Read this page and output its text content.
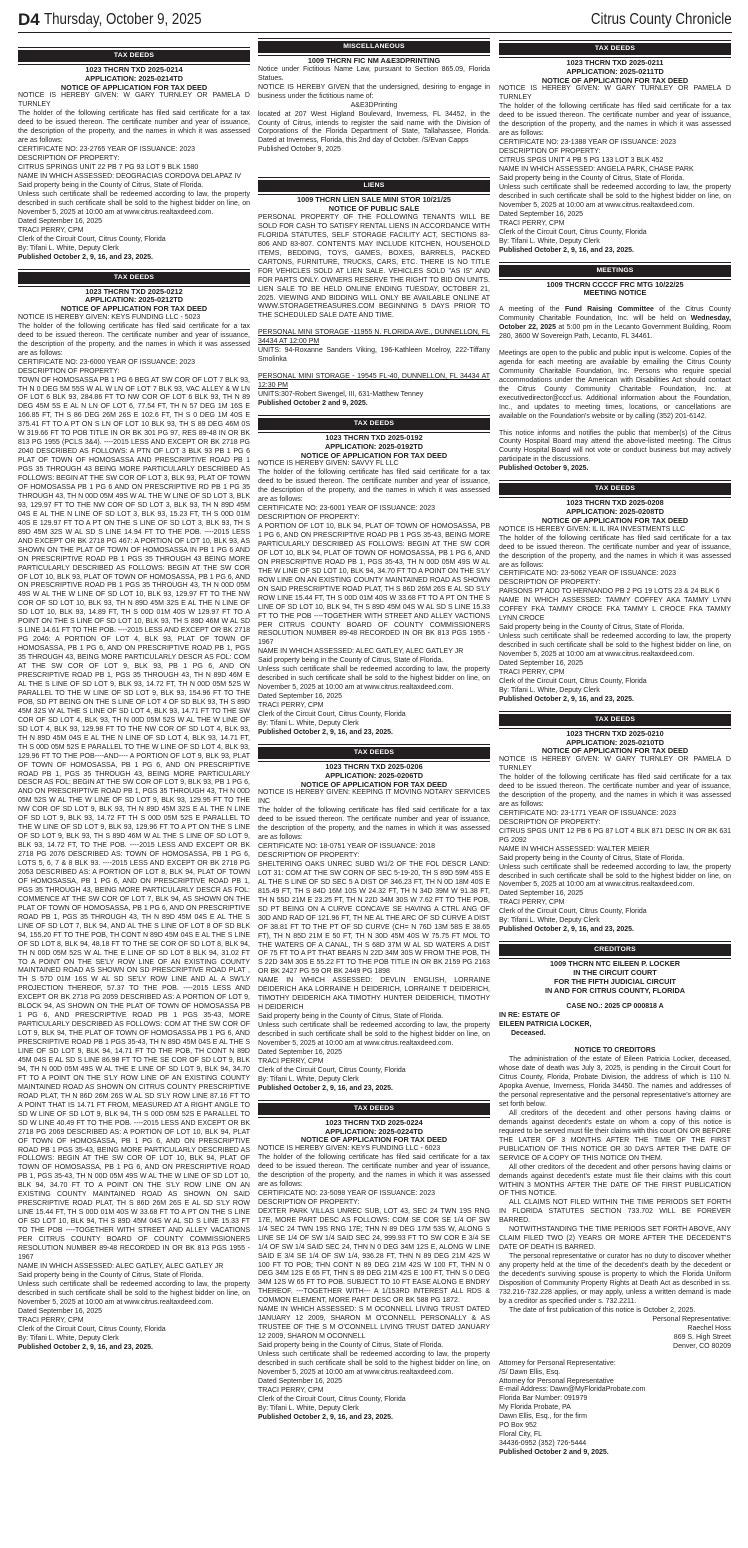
D4 Thursday, October 9, 2025	Citrus County Chronicle
TAX DEEDS
1023 THCRN TXD 2025-0214
APPLICATION: 2025-0214TD
NOTICE OF APPLICATION FOR TAX DEED
NOTICE IS HEREBY GIVEN: W GARY TURNLEY OR PAMELA D TURNLEY
The holder of the following certificate has filed said certificate for a tax deed to be issued thereon. The certificate number and year of issuance, the description of the property, and the names in which it was assessed are as follows:
CERTIFICATE NO: 23-2765 YEAR OF ISSUANCE: 2023
DESCRIPTION OF PROPERTY:
CITRUS SPRINGS UNIT 22 PB 7 PG 93 LOT 9 BLK 1580
NAME IN WHICH ASSESSED: DEOGRACIAS CORDOVA DELAPAZ IV
Said property being in the County of Citrus, State of Florida.
Unless such certificate shall be redeemed according to law, the property described in such certificate shall be sold to the highest bidder on line, on November 5, 2025 at 10:00 am at www.citrus.realtaxdeed.com.
Dated September 16, 2025
TRACI PERRY, CPM
Clerk of the Circuit Court, Citrus County, Florida
By: Tifani L. White, Deputy Clerk
Published October 2, 9, 16, and 23, 2025.
TAX DEEDS
1023 THCRN TXD 2025-0212
APPLICATION: 2025-0212TD
NOTICE OF APPLICATION FOR TAX DEED
NOTICE IS HEREBY GIVEN: KEYS FUNDING LLC - 5023
The holder of the following certificate has filed said certificate for a tax deed to be issued thereon. The certificate number and year of issuance, the description of the property, and the names in which it was assessed are as follows:
CERTIFICATE NO: 23-6000 YEAR OF ISSUANCE: 2023
DESCRIPTION OF PROPERTY:
TOWN OF HOMOSASSA PB 1 PG 6 BEG AT SW COR OF LOT 7 BLK 93, TH N 0 DEG 5M 55S W AL W LN OF LOT 7 BLK 93, VAC ALLEY & W LN OF LOT 6 BLK 93, 284.86 FT TO NW COR OF LOT 6 BLK 93, TH N 89 DEG 45M 5S E AL N LN OF LOT 6, 77.54 FT, TH N 57 DEG 1M 16S E 166.85 FT, TH S 86 DEG 26M 26S E 102.6 FT, TH S 0 DEG 1M 40S E 375.41 FT TO A PT ON S LN OF LOT 10 BLK 93, TH S 89 DEG 46M 0S W 319.66 FT TO POB TITLE IN OR BK 301 PG 97, RES 89-48 IN OR BK 813 PG 1955 (PCLS 3&4). ----2015 LESS AND EXCEPT OR BK 2718 PG 2040 DESCRIBED AS FOLLOWS: A PTN OF LOT 3 BLK 93 PB 1 PG 6 PLAT OF TOWN OF HOMOSASSA AND PRESCRIPTIVE ROAD PB 1 PGS 35 THROUGH 43 BEING MORE PARTICULARLY DESCRIBED AS FOLLOWS: BEGIN AT THE SW COR OF LOT 3, BLK 93, PLAT OF TOWN OF HOMOSASSA PB 1 PG 6 AND ON PRESCRIPTIVE RD PB 1 PG 35 THROUGH 43, TH N 00D 05M 49S W AL THE W LINE OF SD LOT 3, BLK 93, 129.97 FT TO THE NW COR OF SD LOT 3, BLK 93, TH N 89D 45M 04S E AL THE N LINE OF SD LOT 3, BLK 93, 15.23 FT, TH S 00D 01M 40S E 129.97 FT TO A PT ON THE S LINE OF SD LOT 3, BLK 93, TH S 89D 45M 32S W AL SD S LINE 14.94 FT TO THE POB. ----2015 LESS AND EXCEPT OR BK 2718 PG 467: A PORTION OF LOT 10, BLK 93, AS SHOWN ON THE PLAT OF TOWN OF HOMOSASSA IN PB 1 PG 6 AND ON PRESCRIPTIVE ROAD PB 1 PGS 35 THROUGH 43 BEING MORE PARTICULARLY DESCRIBED AS FOLLOWS: BEGIN AT THE SW COR OF LOT 10, BLK 93, PLAT OF TOWN OF HOMOSASSA, PB 1 PG 6, AND ON PRESCRIPTIVE ROAD PB 1 PGS 35 THROUGH 43, TH N 00D 05M 49S W AL THE W LINE OF SD LOT 10, BLK 93, 129.97 FT TO THE NW COR OF SD LOT 10, BLK 93, TH N 89D 45M 32S E AL THE N LINE OF SD LOT 10, BLK 93, 14.89 FT, TH S 00D 01M 40S W 129.97 FT TO A POINT ON THE S LINE OF SD LOT 10, BLK 93, TH S 89D 46M W AL SD S LINE 14.61 FT TO THE POB. ----2015 LESS AND EXCEPT OR BK 2718 PG 2046: A PORTION OF LOT 4, BLK 93, PLAT OF TOWN OF HOMOSASSA, PB 1 PG 6, AND ON PRESCRIPTIVE ROAD PB 1, PGS 35 THROUGH 43, BEING MORE PARTICULARLY DESCR AS FOL: COM AT THE SW COR OF LOT 9, BLK 93, PB 1 PG 6, AND ON PRESCRIPTIVE ROAD PB 1, PGS 35 THROUGH 43, TH N 89D 46M E AL THE S LINE OF SD LOT 9, BLK 93, 14.72 FT, TH N 00D 05M 52S W PARALLEL TO THE W LINE OF SD LOT 9, BLK 93, 154.96 FT TO THE POB, SD PT BEING ON THE S LINE OF LOT 4 OF SD BLK 93, TH S 89D 45M 32S W AL THE S LINE OF SD LOT 4, BLK 93, 14.71 FT TO THE SW COR OF SD LOT 4, BLK 93, TH N 00D 05M 52S W AL THE W LINE OF SD LOT 4, BLK 93, 129.98 FT TO THE NW COR OF SD LOT 4, BLK 93, TH N 89D 45M 04S E AL THE N LINE OF SD LOT 4, BLK 93, 14.71 FT, TH S 00D 05M 52S E PARALLEL TO THE W LINE OF SD LOT 4, BLK 93, 129.96 FT TO THE POB----AND---- A PORTION OF LOT 9, BLK 93, PLAT OF TOWN OF HOMOSASSA, PB 1 PG 6, AND ON PRESCRIPTIVE ROAD PB 1, PGS 35 THROUGH 43, BEING MORE PARTICULARLY DESCR AS FOL: BEGIN AT THE SW COR OF LOT 9, BLK 93, PB 1 PG 6, AND ON PRESCRIPTIVE ROAD PB 1, PGS 35 THROUGH 43, TH N 00D 05M 52S W AL THE W LINE OF SD LOT 9, BLK 93, 129.95 FT TO THE NW COR OF SD LOT 9, BLK 93, TH N 89D 45M 32S E AL THE N LINE OF SD LOT 9, BLK 93, 14.72 FT TH S 00D 05M 52S E PARALLEL TO THE W LINE OF SD LOT 9, BLK 93, 129.96 FT TO A PT ON THE S LINE OF SD LOT 9, BLK 93, TH S 89D 46M W AL THE S LINE OF SD LOT 9, BLK 93, 14.72 FT, TO THE POB. ----2015 LESS AND EXCEPT OR BK 2718 PG 2076 DESCRIBED AS: TOWN OF HOMOSASSA, PB 1 PG 6, LOTS 5, 6, 7 & 8 BLK 93. ----2015 LESS AND EXCEPT OR BK 2718 PG 2053 DESCRIBED AS: A PORTION OF LOT 8, BLK 94, PLAT OF TOWN OF HOMOSASSA, PB 1 PG 6, AND ON PRESCRIPTIVE ROAD PB 1, PGS 35 THROUGH 43, BEING MORE PARTICULARLY DESCR AS FOL: COMMENCE AT THE SW COR OF LOT 7, BLK 94, AS SHOWN ON THE PLAT OF TOWN OF HOMOSASSA, PB 1 PG 6, AND ON PRESCRIPTIVE ROAD PB 1, PGS 35 THROUGH 43, TH N 89D 45M 04S E AL THE S LINE OF SD LOT 7, BLK 94, AND AL THE S LINE OF LOT 8 OF SD BLK 94, 155.20 FT TO THE POB, TH CONT N 89D 45M 04S E AL THE S LINE OF SD LOT 8, BLK 94, 48.18 FT TO THE SE COR OF SD LOT 8, BLK 94, TH N 00D 05M 52S W AL THE E LINE OF SD LOT 8 BLK 94, 31.02 FT TO A POINT ON THE SE'LY ROW LINE OF AN EXISTING COUNTY MAINTAINED ROAD AS SHOWN ON SD PRESCRIPTIVE ROAD PLAT , TH S 57D 01M 16S W AL SD SE'LY ROW LINE AND AL A SW'LY PROJECTION THEREOF, 57.37 TO THE POB. ----2015 LESS AND EXCEPT OR BK 2718 PG 2059 DESCRIBED AS: A PORTION OF LOT 9, BLOCK 94, AS SHOWN ON THE PLAT OF TOWN OF HOMOSASSA PB 1 PG 6, AND PRESCRIPTIVE ROAD PB 1 PGS 35-43, MORE PARTICULARLY DESCRIBED AS FOLLOWS: COM AT THE SW COR OF LOT 9, BLK 94, THE PLAT OF TOWN OF HOMOSASSA PB 1 PG 6, AND PRESCRIPTIVE ROAD PB 1 PGS 35-43, TH N 89D 45M 04S E AL THE S LINE OF SD LOT 9, BLK 94, 14.71 FT TO THE POB, TH CONT N 89D 45M 04S E AL SD S LINE 86.98 FT TO THE SE COR OF SD LOT 9, BLK 94, TH N 00D 05M 49S W AL THE E LINE OF SD LOT 9, BLK 94, 34.70 FT TO A POINT ON THE S'LY ROW LINE OF AN EXISTING COUNTY MAINTAINED ROAD AS SHOWN ON CITRUS COUNTY PRESCRIPTIVE ROAD PLAT, TH N 86D 26M 26S W AL SD S'LY ROW LINE 87.16 FT TO A POINT THAT IS 14.71 FT FROM, MEASURED AT A RIGHT ANGLE TO SD W LINE OF SD LOT 9, BLK 94, TH S 00D 05M 52S E PARALLEL TO SD W LINE 40.49 FT TO THE POB. ----2015 LESS AND EXCEPT OR BK 2718 PG 2069 DESCRIBED AS: A PORTION OF LOT 10, BLK 94, PLAT OF TOWN OF HOMOSASSA, PB 1 PG 6, AND ON PRESCRIPTIVE ROAD PB 1 PGS 35-43, BEING MORE PARTICULARLY DESCRIBED AS FOLLOWS: BEGIN AT THE SW COR OF LOT 10, BLK 94, PLAT OF TOWN OF HOMOSASSA, PB 1 PG 6, AND ON PRESCRIPTIVE ROAD PB 1, PGS 35-43, TH N 00D 05M 49S W AL THE W LINE OF SD LOT 10, BLK 94, 34.70 FT TO A POINT ON THE S'LY ROW LINE ON AN EXISTING COUNTY MAINTAINED ROAD AS SHOWN ON SAID PRESCRIPTIVE ROAD PLAT, TH S 86D 26M 26S E AL SD S'LY ROW LINE 15.44 FT, TH S 00D 01M 40S W 33.68 FT TO A PT ON THE S LINE OF SD LOT 10, BLK 94, TH S 89D 45M 04S W AL SD S LINE 15.33 FT TO THE POB ----TOGETHER WITH STREET AND ALLEY VACATIONS PER CITRUS COUNTY BOARD OF COUNTY COMMISSIONERS RESOLUTION NUMBER 89-48 RECORDED IN OR BK 813 PGS 1955 - 1967
NAME IN WHICH ASSESSED: ALEC GATLEY, ALEC GATLEY JR
Said property being in the County of Citrus, State of Florida.
Unless such certificate shall be redeemed according to law, the property described in such certificate shall be sold to the highest bidder on line, on November 5, 2025 at 10:00 am at www.citrus.realtaxdeed.com.
Dated September 16, 2025
TRACI PERRY, CPM
Clerk of the Circuit Court, Citrus County, Florida
By: Tifani L. White, Deputy Clerk
Published October 2, 9, 16, and 23, 2025.
MISCELLANEOUS
1009 THCRN FIC NM A&E3DPRINTING
Notice under Fictitious Name Law, pursuant to Section 865.09, Florida Statues.
NOTICE IS HEREBY GIVEN that the undersigned, desiring to engage in business under the fictitious name of:
A&E3DPrinting
located at 207 West Higland Boulevard, Inverness, FL 34452, in the County of Citrus, intends to register the said name with the Division of Corporations of the Florida Department of State, Tallahassee, Florida. Dated at Inverness, Florida, this 2nd day of October. /S/Evan Capps
Published October 9, 2025
LIENS
1009 THCRN LIEN SALE MINI STOR 10/21/25
NOTICE OF PUBLIC SALE
PERSONAL PROPERTY OF THE FOLLOWING TENANTS WILL BE SOLD FOR CASH TO SATISFY RENTAL LIENS IN ACCORDANCE WITH FLORIDA STATUTES, SELF STORAGE FACILITY ACT, SECTIONS 83-806 AND 83-807. CONTENTS MAY INCLUDE KITCHEN, HOUSEHOLD ITEMS, BEDDING, TOYS, GAMES, BOXES, BARRELS, PACKED CARTONS, FURNITURE, TRUCKS, CARS, ETC. THERE IS NO TITLE FOR VEHICLES SOLD AT LIEN SALE. VEHICLES SOLD "AS IS" AND FOR PARTS ONLY. OWNERS RESERVE THE RIGHT TO BID ON UNITS. LIEN SALE TO BE HELD ONLINE ENDING TUESDAY, OCTOBER 21, 2025. VIEWING AND BIDDING WILL ONLY BE AVAILABLE ONLINE AT WWW.STORAGETREASURES.COM BEGINNING 5 DAYS PRIOR TO THE SCHEDULED SALE DATE AND TIME.
PERSONAL MINI STORAGE -11955 N. FLORIDA AVE., DUNNELLON, FL 34434 AT 12:00 PM
UNITS: 94-Roxanne Sanders Viking, 196-Kathleen Mcelroy, 222-Tiffany Smolinka
PERSONAL MINI STORAGE - 19545 FL-40, DUNNELLON, FL 34434 AT 12:30 PM
UNITS:307-Robert Swengel, III, 631-Matthew Tenney
Published October 2 and 9, 2025.
TAX DEEDS
1023 THCRN TXD 2025-0192
APPLICATION: 2025-0192TD
NOTICE OF APPLICATION FOR TAX DEED
NOTICE IS HEREBY GIVEN: SAVVY FL LLC
The holder of the following certificate has filed said certificate for a tax deed to be issued thereon. The certificate number and year of issuance, the description of the property, and the names in which it was assessed are as follows:
CERTIFICATE NO: 23-6001 YEAR OF ISSUANCE: 2023
DESCRIPTION OF PROPERTY:
A PORTION OF LOT 10, BLK 94, PLAT OF TOWN OF HOMOSASSA, PB 1 PG 6, AND ON PRESCRIPTIVE ROAD PB 1 PGS 35-43, BEING MORE PARTICULARLY DESCRIBED AS FOLLOWS: BEGIN AT THE SW COR OF LOT 10, BLK 94, PLAT OF TOWN OF HOMOSASSA, PB 1 PG 6, AND ON PRESCRIPTIVE ROAD PB 1, PGS 35-43, TH N 00D 05M 49S W AL THE W LINE OF SD LOT 10, BLK 94, 34.70 FT TO A POINT ON THE S'LY ROW LINE ON AN EXISTING COUNTY MAINTAINED ROAD AS SHOWN ON SAID PRESCRIPTIVE ROAD PLAT, TH S 86D 26M 26S E AL SD S'LY ROW LINE 15.44 FT, TH S 00D 01M 40S W 33.68 FT TO A PT ON THE S LINE OF SD LOT 10, BLK 94, TH S 89D 45M 04S W AL SD S LINE 15.33 FT TO THE POB ----TOGETHER WITH STREET AND ALLEY VACTIONS PER CITRUS COUNTY BOARD OF COUNTY COMMISSIONERS RESOLUTION NUMBER 89-48 RECORDED IN OR BK 813 PGS 1955 - 1967
NAME IN WHICH ASSESSED: ALEC GATLEY, ALEC GATLEY JR
Said property being in the County of Citrus, State of Florida.
Unless such certificate shall be redeemed according to law, the property described in such certificate shall be sold to the highest bidder on line, on November 5, 2025 at 10:00 am at www.citrus.realtaxdeed.com.
Dated September 16, 2025
TRACI PERRY, CPM
Clerk of the Circuit Court, Citrus County, Florida
By: Tifani L. White, Deputy Clerk
Published October 2, 9, 16, and 23, 2025.
TAX DEEDS
1023 THCRN TXD 2025-0206
APPLICATION: 2025-0206TD
NOTICE OF APPLICATION FOR TAX DEED
NOTICE IS HEREBY GIVEN: KEEPING IT MOVING NOTARY SERVICES INC
The holder of the following certificate has filed said certificate for a tax deed to be issued thereon. The certificate number and year of issuance, the description of the property, and the names in which it was assessed are as follows:
CERTIFICATE NO: 18-0751 YEAR OF ISSUANCE: 2018
DESCRIPTION OF PROPERTY:
SHELTERING OAKS UNREC SUBD W1/2 OF THE FOL DESCR LAND: LOT 31: COM AT THE SW CORN OF SEC 5-19-20, TH S 89D 59M 45S E AL THE S LINE OF SD SEC 5 A DIST OF 346.23 FT, TH N 0D 18M 40S E 815.49 FT, TH S 84D 16M 10S W 24.32 FT, TH N 34D 39M W 91.38 FT, TH N 55D 21M E 23.25 FT, TH N 22D 34M 30S W 7.62 FT TO THE POB, SD PT BEING ON A CURVE CONCAVE SE HAVING A CTRL ANG OF 30D AND RAD OF 121.96 FT, TH NE AL THE ARC OF SD CURVE A DIST OF 38.81 FT TO THE PT OF SD CURVE (CH= N 76D 13M 58S E 38.65 FT), TH N 85D 21M E 50 FT, TH N 30D 45M 40S W 75.75 FT MOL TO THE WATERS OF A CANAL, TH S 68D 37M W AL SD WATERS A DIST OF 75 FT TO A PT THAT BEARS N 22D 34M 30S W FROM THE POB, TH S 22D 34M 30S E 55.22 FT TO THE POB TITLE IN OR BK 2159 PG 2163 OR BK 2427 PG 59 OR BK 2449 PG 1898
NAME IN WHICH ASSESSED: DEVLIN ENGLISH, LORRAINE DEIDERICH AKA LORRAINE H DEIDERICH, LORRAINE T DEIDERICH, TIMOTHY DEIDERICH AKA TIMOTHY HUNTER DEIDERICH, TIMOTHY H DEIDERICH
Said property being in the County of Citrus, State of Florida.
Unless such certificate shall be redeemed according to law, the property described in such certificate shall be sold to the highest bidder on line, on November 5, 2025 at 10:00 am at www.citrus.realtaxdeed.com.
Dated September 16, 2025
TRACI PERRY, CPM
Clerk of the Circuit Court, Citrus County, Florida
By: Tifani L. White, Deputy Clerk
Published October 2, 9, 16, and 23, 2025.
TAX DEEDS
1023 THCRN TXD 2025-0224
APPLICATION: 2025-0224TD
NOTICE OF APPLICATION FOR TAX DEED
NOTICE IS HEREBY GIVEN: KEYS FUNDING LLC - 6023
The holder of the following certificate has filed said certificate for a tax deed to be issued thereon. The certificate number and year of issuance, the description of the property, and the names in which it was assessed are as follows:
CERTIFICATE NO: 23-5098 YEAR OF ISSUANCE: 2023
DESCRIPTION OF PROPERTY:
DEXTER PARK VILLAS UNREC SUB, LOT 43, SEC 24 TWN 19S RNG 17E, MORE PART DESC AS FOLLOWS: COM SE COR SE 1/4 OF SW 1/4 SEC 24 TWN 19S RNG 17E; THN N 89 DEG 17M 53S W, ALONG S LINE SE 1/4 OF SW 1/4 SAID SEC 24, 999.93 FT TO SW COR E 3/4 SE 1/4 OF SW 1/4 SAID SEC 24, THN N 0 DEG 34M 12S E, ALONG W LINE SAID E 3/4 SE 1/4 OF SW 1/4, 936.28 FT, THN N 89 DEG 21M 42S W 100 FT TO POB; THN CONT N 89 DEG 21M 42S W 100 FT, THN N 0 DEG 34M 12S E 65 FT, THN S 89 DEG 21M 42S E 100 FT, THN S 0 DEG 34M 12S W 65 FT TO POB. SUBJECT TO 10 FT EASE ALONG E BNDRY THEREOF. ---TOGETHER WITH--- A 1/153RD INTEREST ALL RDS & COMMON ELEMENT, MORE PART DESC OR BK 588 PG 1872.
NAME IN WHICH ASSESSED: S M OCONNELL LIVING TRUST DATED JANUARY 12 2009, SHARON M O'CONNELL PERSONALLY & AS TRUSTEE OF THE S M O'CONNELL LIVING TRUST DATED JANUARY 12 2009, SHARON M OCONNELL
Said property being in the County of Citrus, State of Florida.
Unless such certificate shall be redeemed according to law, the property described in such certificate shall be sold to the highest bidder on line, on November 5, 2025 at 10:00 am at www.citrus.realtaxdeed.com.
Dated September 16, 2025
TRACI PERRY, CPM
Clerk of the Circuit Court, Citrus County, Florida
By: Tifani L. White, Deputy Clerk
Published October 2, 9, 16, and 23, 2025.
TAX DEEDS
1023 THCRN TXD 2025-0211
APPLICATION: 2025-0211TD
NOTICE OF APPLICATION FOR TAX DEED
NOTICE IS HEREBY GIVEN: W GARY TURNLEY OR PAMELA D TURNLEY
The holder of the following certificate has filed said certificate for a tax deed to be issued thereon. The certificate number and year of issuance, the description of the property, and the names in which it was assessed are as follows:
CERTIFICATE NO: 23-1388 YEAR OF ISSUANCE: 2023
DESCRIPTION OF PROPERTY:
CITRUS SPGS UNIT 4 PB 5 PG 133 LOT 3 BLK 452
NAME IN WHICH ASSESSED: ANGELA PARK, CHASE PARK
Said property being in the County of Citrus, State of Florida.
Unless such certificate shall be redeemed according to law, the property described in such certificate shall be sold to the highest bidder on line, on November 5, 2025 at 10:00 am at www.citrus.realtaxdeed.com.
Dated September 16, 2025
TRACI PERRY, CPM
Clerk of the Circuit Court, Citrus County, Florida
By: Tifani L. White, Deputy Clerk
Published October 2, 9, 16, and 23, 2025.
MEETINGS
1009 THCRN CCCCF FRC MTG 10/22/25
MEETING NOTICE
A meeting of the Fund Raising Committee of the Citrus County Community Charitable Foundation, Inc. will be held on Wednesday, October 22, 2025 at 5:00 pm in the Lecanto Government Building, Room 280, 3600 W Sovereign Path, Lecanto, FL 34461.
Meetings are open to the public and public input is welcome. Copies of the agenda for each meeting are available by emailing the Citrus County Community Charitable Foundation, Inc. Persons who require special accommodations under the American with Disabilities Act should contact the Citrus County Community Charitable Foundation, Inc. at executivedirector@cccf.us. Additional information about the Foundation, Inc., and updates to meeting times, locations, or cancellations are available on the Foundation's website or by calling (352) 201-6142.
This notice informs and notifies the public that member(s) of the Citrus County Hospital Board may attend the above-listed meeting. The Citrus County Hospital Board will not vote or conduct business but may actively participate in the discussions.
Published October 9, 2025.
TAX DEEDS
1023 THCRN TXD 2025-0208
APPLICATION: 2025-0208TD
NOTICE OF APPLICATION FOR TAX DEED
NOTICE IS HEREBY GIVEN: IL IL IRA INVESTMENTS LLC
The holder of the following certificate has filed said certificate for a tax deed to be issued thereon. The certificate number and year of issuance, the description of the property, and the names in which it was assessed are as follows:
CERTIFICATE NO: 23-5062 YEAR OF ISSUANCE: 2023
DESCRIPTION OF PROPERTY:
PARSONS PT ADD TO HERNANDO PB 2 PG 19 LOTS 23 & 24 BLK 6
NAME IN WHICH ASSESSED: TAMMY COFFEY AKA TAMMY LYNN COFFEY FKA TAMMY CROCE FKA TAMMY L CROCE FKA TAMMY LYNN CROCE
Said property being in the County of Citrus, State of Florida.
Unless such certificate shall be redeemed according to law, the property described in such certificate shall be sold to the highest bidder on line, on November 5, 2025 at 10:00 am at www.citrus.realtaxdeed.com.
Dated September 16, 2025
TRACI PERRY, CPM
Clerk of the Circuit Court, Citrus County, Florida
By: Tifani L. White, Deputy Clerk
Published October 2, 9, 16, and 23, 2025.
TAX DEEDS
1023 THCRN TXD 2025-0210
APPLICATION: 2025-0210TD
NOTICE OF APPLICATION FOR TAX DEED
NOTICE IS HEREBY GIVEN: W GARY TURNLEY OR PAMELA D TURNLEY
The holder of the following certificate has filed said certificate for a tax deed to be issued thereon. The certificate number and year of issuance, the description of the property, and the names in which it was assessed are as follows:
CERTIFICATE NO: 23-1771 YEAR OF ISSUANCE: 2023
DESCRIPTION OF PROPERTY:
CITRUS SPGS UNIT 12 PB 6 PG 87 LOT 4 BLK 871 DESC IN OR BK 631 PG 2092
NAME IN WHICH ASSESSED: WALTER MEIER
Said property being in the County of Citrus, State of Florida.
Unless such certificate shall be redeemed according to law, the property described in such certificate shall be sold to the highest bidder on line, on November 5, 2025 at 10:00 am at www.citrus.realtaxdeed.com.
Dated September 16, 2025
TRACI PERRY, CPM
Clerk of the Circuit Court, Citrus County, Florida
By: Tifani L. White, Deputy Clerk
Published October 2, 9, 16, and 23, 2025.
CREDITORS
1009 THCRN NTC EILEEN P. LOCKER
IN THE CIRCUIT COURT
FOR THE FIFTH JUDICIAL CIRCUIT
IN AND FOR CITRUS COUNTY, FLORIDA
CASE NO.: 2025 CP 000818 A
IN RE: ESTATE OF
EILEEN PATRICIA LOCKER,
Deceased.
NOTICE TO CREDITORS
The administration of the estate of Eileen Patricia Locker, deceased, whose date of death was July 3, 2025, is pending in the Circuit Court for Citrus County, Florida, Probate Division, the address of which is 110 N. Apopka Avenue, Inverness, Florida 34450. The names and addresses of the personal representative and the personal representative's attorney are set forth below.
All creditors of the decedent and other persons having claims or demands against decedent's estate on whom a copy of this notice is required to be served must file their claims with this court ON OR BEFORE THE LATER OF 3 MONTHS AFTER THE TIME OF THE FIRST PUBLICATION OF THIS NOTICE OR 30 DAYS AFTER THE DATE OF SERVICE OF A COPY OF THIS NOTICE ON THEM.
All other creditors of the decedent and other persons having claims or demands against decedent's estate must file their claims with this court WITHIN 3 MONTHS AFTER THE DATE OF THE FIRST PUBLICATION OF THIS NOTICE.
ALL CLAIMS NOT FILED WITHIN THE TIME PERIODS SET FORTH IN FLORIDA STATUTES SECTION 733.702 WILL BE FOREVER BARRED.
NOTWITHSTANDING THE TIME PERIODS SET FORTH ABOVE, ANY CLAIM FILED TWO (2) YEARS OR MORE AFTER THE DECEDENT'S DATE OF DEATH IS BARRED.
The personal representative or curator has no duty to discover whether any property held at the time of the decedent's death by the decedent or the decedent's surviving spouse is property to which the Florida Uniform Disposition of Community Property Rights at Death Act as described in ss. 732.216-732.228 applies, or may apply, unless a written demand is made by a creditor as specified under s. 732.2211.
The date of first publication of this notice is October 2, 2025.
Personal Representative:
Raechel Hoss
869 S. High Street
Denver, CO 80209
Attorney for Personal Representative:
/S/ Dawn Ellis, Esq.
Attorney for Personal Representative
E-mail Address: Dawn@MyFloridaProbate.com
Florida Bar Number: 091979
My Florida Probate, PA
Dawn Ellis, Esq., for the firm
PO Box 952
Floral City, FL
34436-0952 (352) 726-5444
Published October 2 and 9, 2025.
